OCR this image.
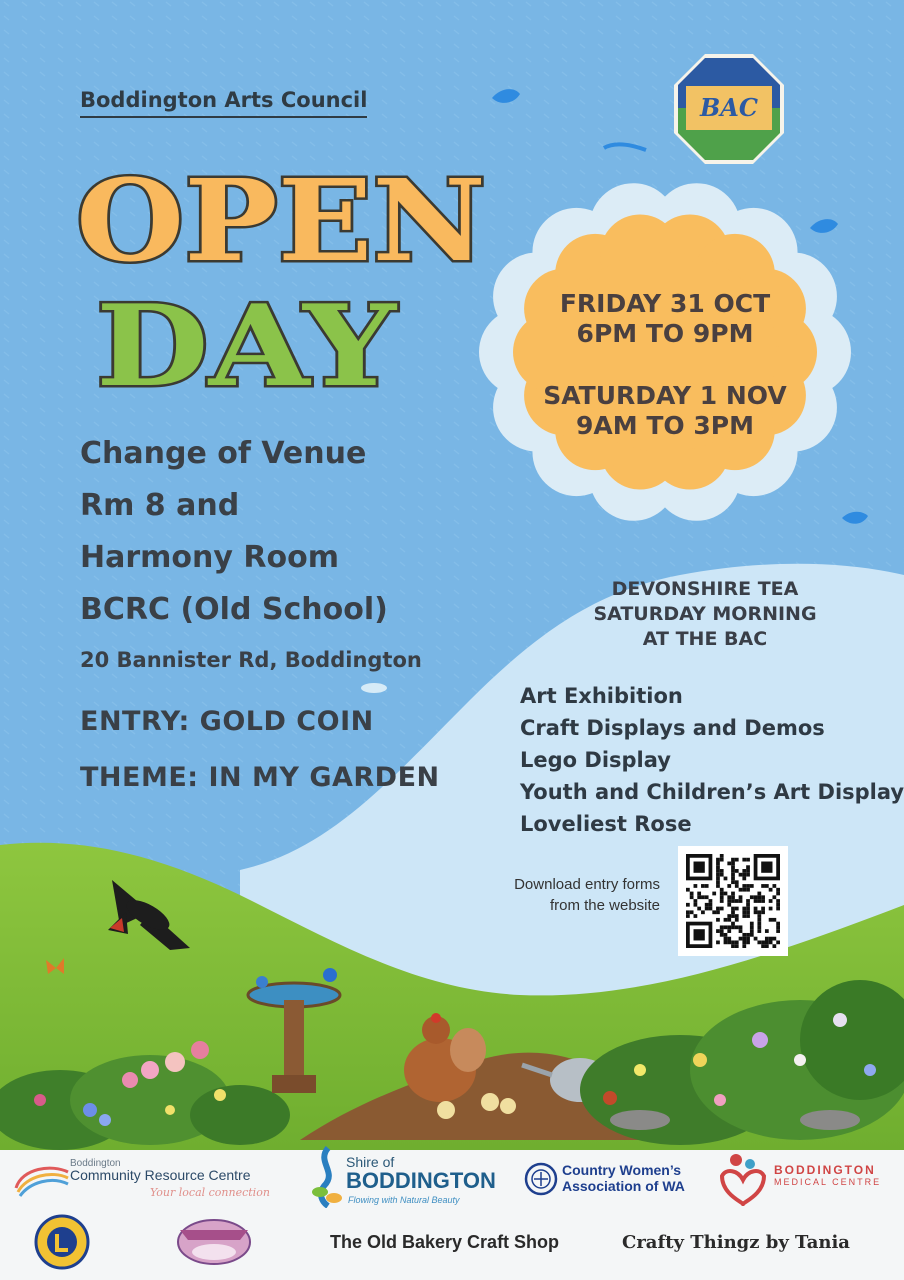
BAC
Boddington Arts Council
OPEN
DAY
Change of Venue
Rm 8 and
Harmony Room
BCRC (Old School)
20 Bannister Rd, Boddington
ENTRY: GOLD COIN
THEME: IN MY GARDEN
FRIDAY 31 OCT
6PM TO 9PM
SATURDAY 1 NOV
9AM TO 3PM
DEVONSHIRE TEA
SATURDAY MORNING
AT THE BAC
Art Exhibition
Craft Displays and Demos
Lego Display
Youth and Children’s Art Display
Loveliest Rose
Download entry forms
from the website
Boddington
Community Resource Centre
Your local connection
Shire of
BODDINGTON
Flowing with Natural Beauty
Country Women’s
Association of WA
BODDINGTON
MEDICAL CENTRE
The Old Bakery Craft Shop	Crafty Thingz by Tania
